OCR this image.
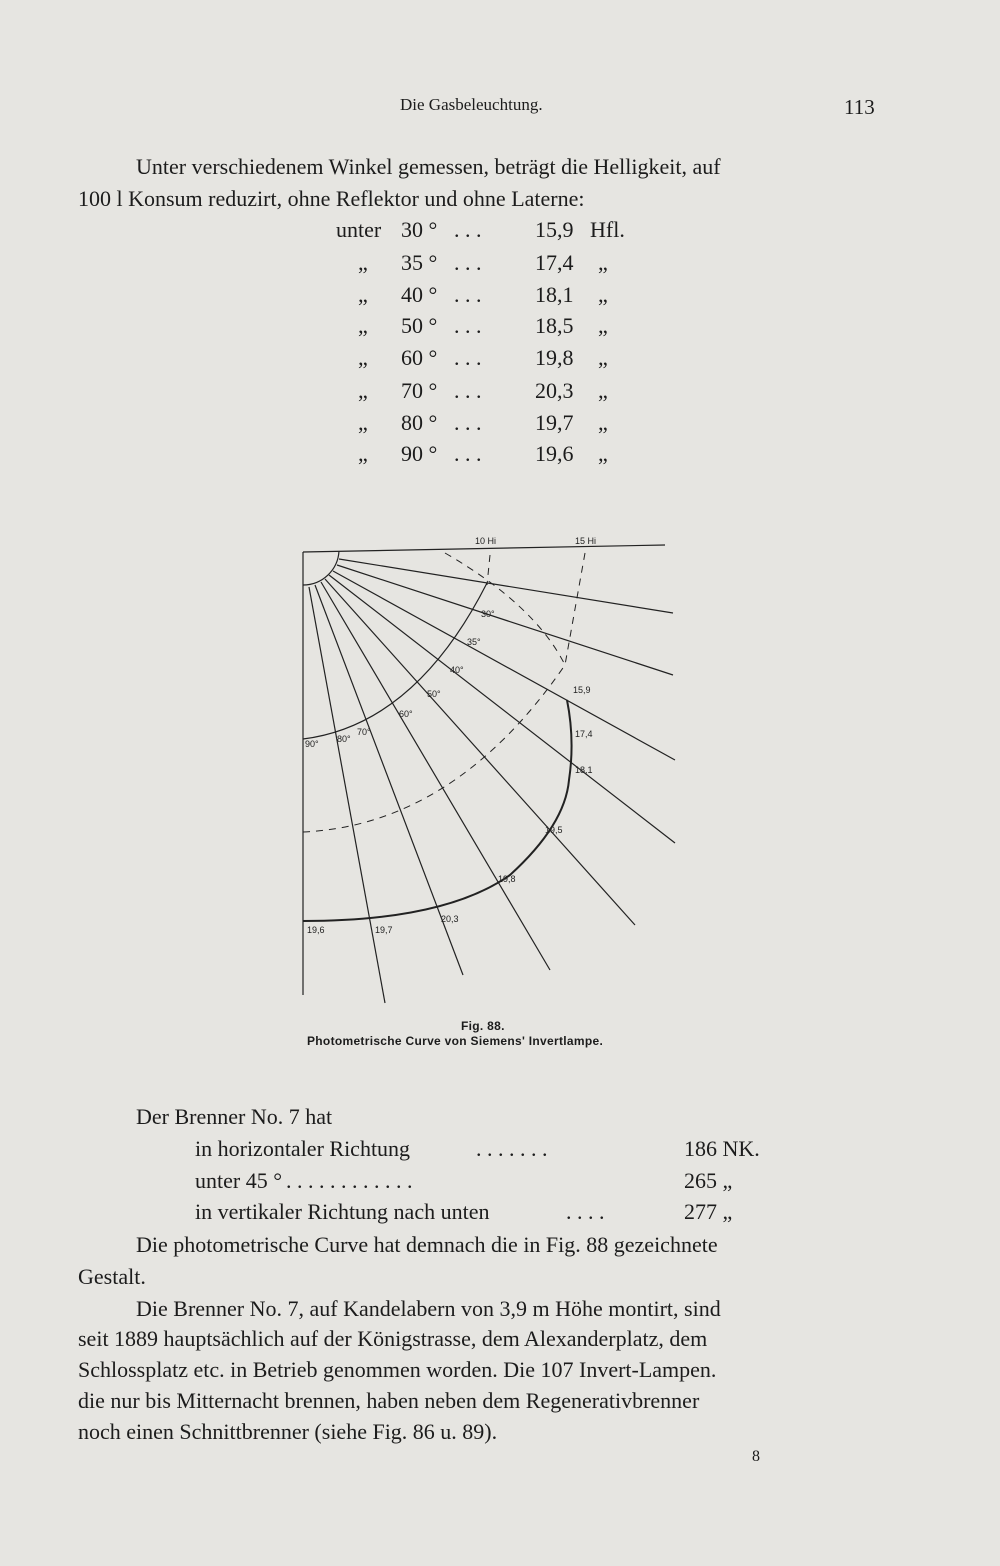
Die Gasbeleuchtung.	113
Unter verschiedenem Winkel gemessen, beträgt die Helligkeit, auf
100 l Konsum reduzirt, ohne Reflektor und ohne Laterne:
unter 30 ° . . . 15,9 Hfl.
„ 35 ° . . . 17,4 „
„ 40 ° . . . 18,1 „
„ 50 ° . . . 18,5 „
„ 60 ° . . . 19,8 „
„ 70 ° . . . 20,3 „
„ 80 ° . . . 19,7 „
„ 90 ° . . . 19,6 „
10 Hi	15 Hi
90° 80°
70°
60°
50°
40°
35°
30°
15,9
17,4
18,1
19,5
19,8
20,3
19,7
19,6
Fig. 88.
Photometrische Curve von Siemens' Invertlampe.
Der Brenner No. 7 hat
in horizontaler Richtung	. . . . . . .	186 NK.
unter 45 ° . . . . . . . . . . . .	265 „
in vertikaler Richtung nach unten	. . . .	277 „
Die photometrische Curve hat demnach die in Fig. 88 gezeichnete
Gestalt.
Die Brenner No. 7, auf Kandelabern von 3,9 m Höhe montirt, sind
seit 1889 hauptsächlich auf der Königstrasse, dem Alexanderplatz, dem
Schlossplatz etc. in Betrieb genommen worden. Die 107 Invert-Lampen.
die nur bis Mitternacht brennen, haben neben dem Regenerativbrenner
noch einen Schnittbrenner (siehe Fig. 86 u. 89).
8
